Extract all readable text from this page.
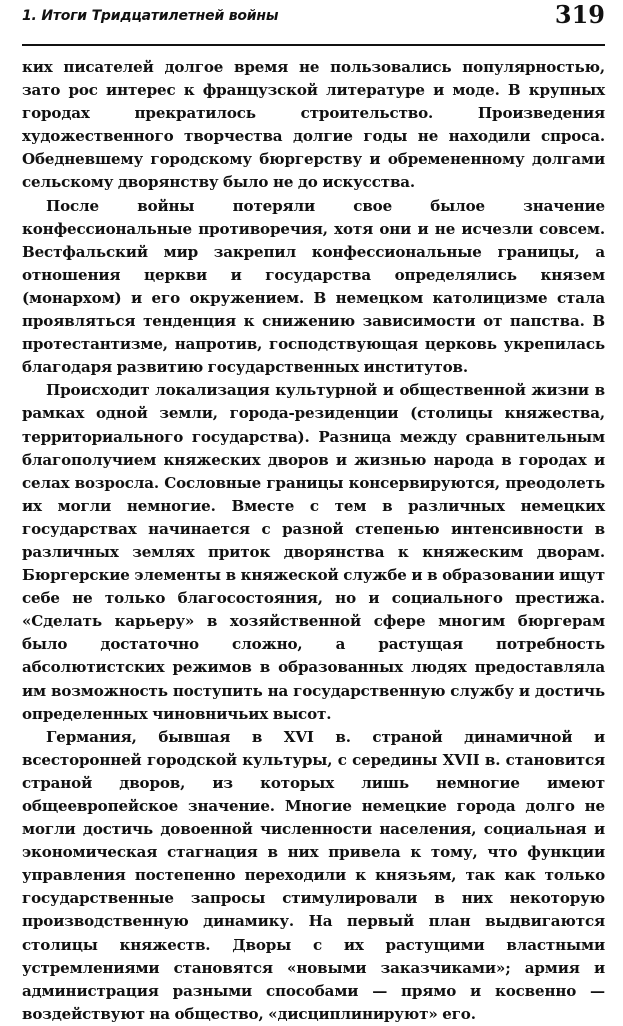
1. Итоги Тридцатилетней войны	319

ких писателей долгое время не пользовались популярностью, зато рос интерес к французской литературе и моде. В крупных городах прекратилось строительство. Произведения художественного творчества долгие годы не находили спроса. Обедневшему городскому бюргерству и обремененному долгами сельскому дворянству было не до искусства.

После войны потеряли свое былое значение конфессиональные противоречия, хотя они и не исчезли совсем. Вестфальский мир закрепил конфессиональные границы, а отношения церкви и государства определялись князем (монархом) и его окружением. В немецком католицизме стала проявляться тенденция к снижению зависимости от папства. В протестантизме, напротив, господствующая церковь укрепилась благодаря развитию государственных институтов.

Происходит локализация культурной и общественной жизни в рамках одной земли, города-резиденции (столицы княжества, территориального государства). Разница между сравнительным благополучием княжеских дворов и жизнью народа в городах и селах возросла. Сословные границы консервируются, преодолеть их могли немногие. Вместе с тем в различных немецких государствах начинается с разной степенью интенсивности в различных землях приток дворянства к княжеским дворам. Бюргерские элементы в княжеской службе и в образовании ищут себе не только благосостояния, но и социального престижа. «Сделать карьеру» в хозяйственной сфере многим бюргерам было достаточно сложно, а растущая потребность абсолютистских режимов в образованных людях предоставляла им возможность поступить на государственную службу и достичь определенных чиновничьих высот.

Германия, бывшая в XVI в. страной динамичной и всесторонней городской культуры, с середины XVII в. становится страной дворов, из которых лишь немногие имеют общеевропейское значение. Многие немецкие города долго не могли достичь довоенной численности населения, социальная и экономическая стагнация в них привела к тому, что функции управления постепенно переходили к князьям, так как только государственные запросы стимулировали в них некоторую производственную динамику. На первый план выдвигаются столицы княжеств. Дворы с их растущими властными устремлениями становятся «новыми заказчиками»; армия и администрация разными способами — прямо и косвенно — воздействуют на общество, «дисциплинируют» его.
